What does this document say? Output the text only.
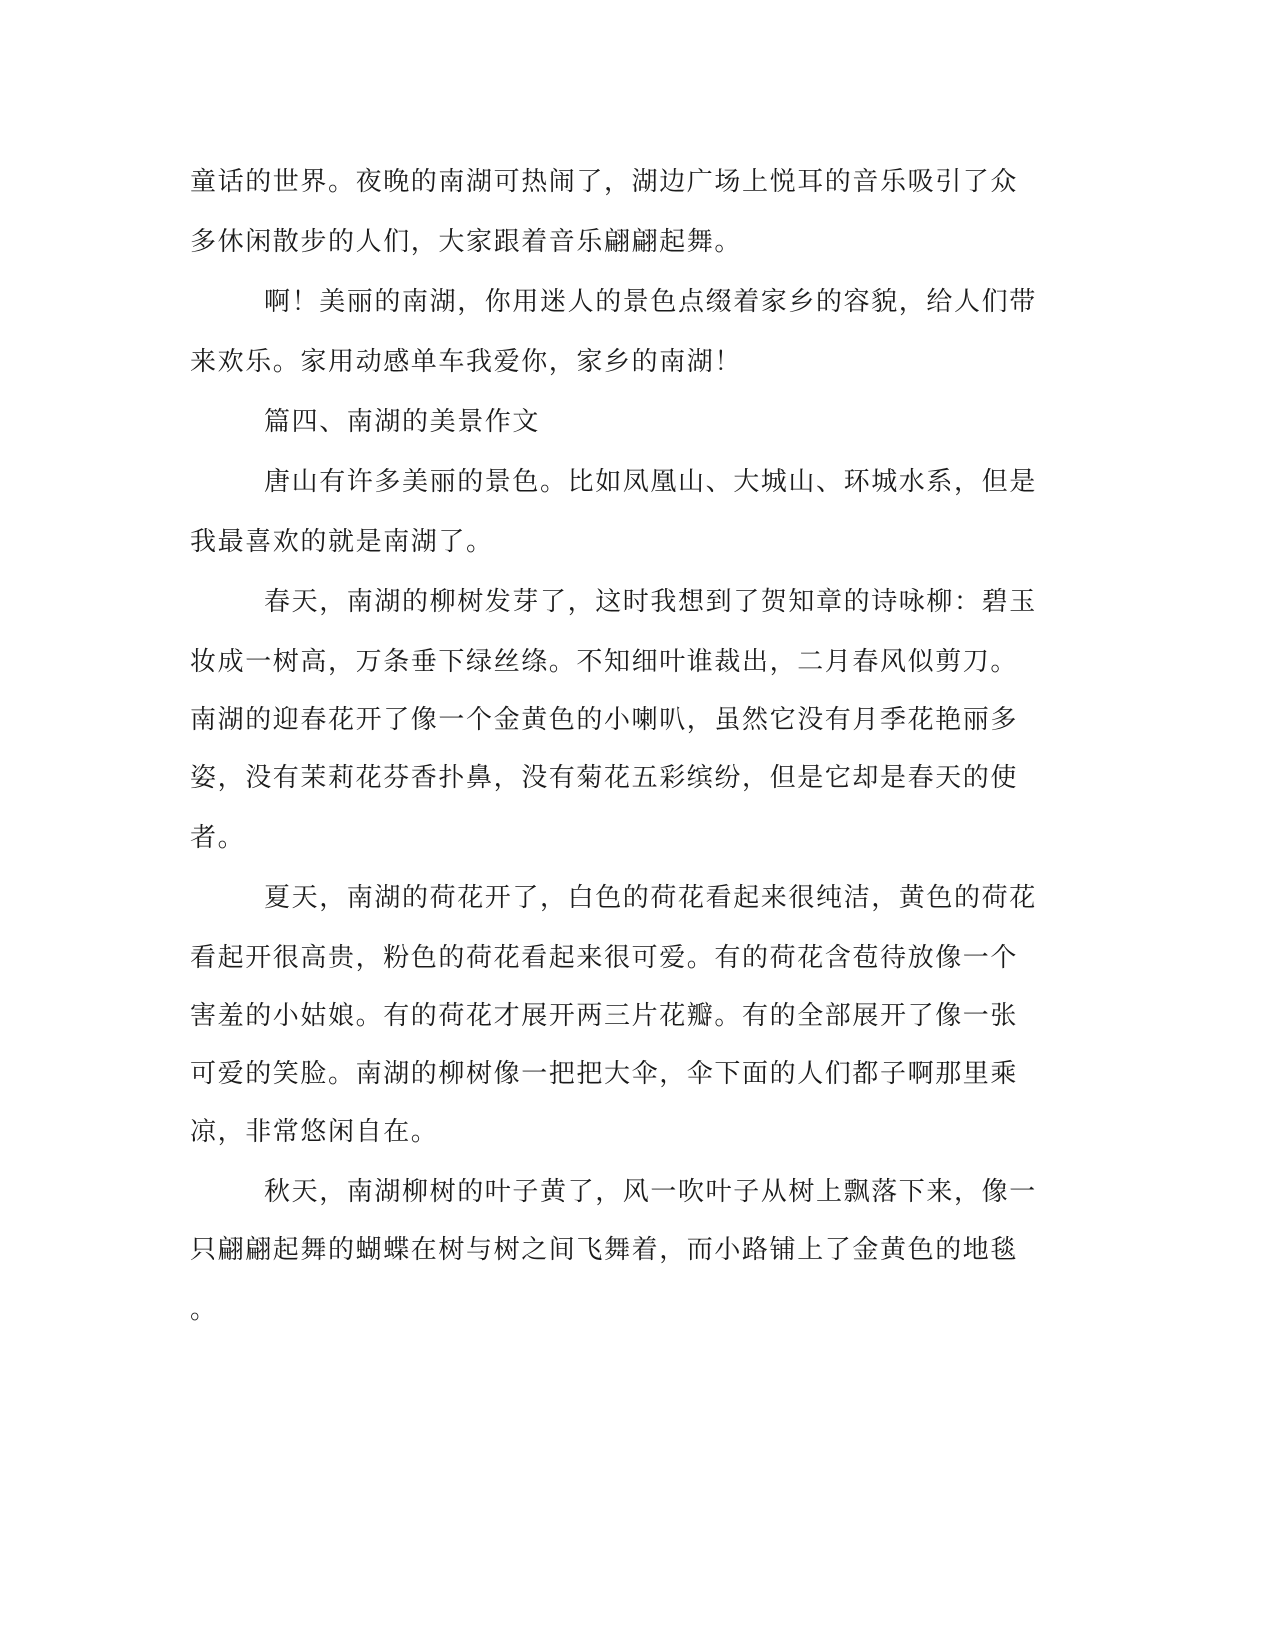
童话的世界。夜晚的南湖可热闹了，湖边广场上悦耳的音乐吸引了众
多休闲散步的人们，大家跟着音乐翩翩起舞。
啊！美丽的南湖，你用迷人的景色点缀着家乡的容貌，给人们带
来欢乐。家用动感单车我爱你，家乡的南湖！
篇四、南湖的美景作文
唐山有许多美丽的景色。比如凤凰山、大城山、环城水系，但是
我最喜欢的就是南湖了。
春天，南湖的柳树发芽了，这时我想到了贺知章的诗咏柳：碧玉
妆成一树高，万条垂下绿丝绦。不知细叶谁裁出，二月春风似剪刀。
南湖的迎春花开了像一个金黄色的小喇叭，虽然它没有月季花艳丽多
姿，没有茉莉花芬香扑鼻，没有菊花五彩缤纷，但是它却是春天的使
者。
夏天，南湖的荷花开了，白色的荷花看起来很纯洁，黄色的荷花
看起开很高贵，粉色的荷花看起来很可爱。有的荷花含苞待放像一个
害羞的小姑娘。有的荷花才展开两三片花瓣。有的全部展开了像一张
可爱的笑脸。南湖的柳树像一把把大伞，伞下面的人们都子啊那里乘
凉，非常悠闲自在。
秋天，南湖柳树的叶子黄了，风一吹叶子从树上飘落下来，像一
只翩翩起舞的蝴蝶在树与树之间飞舞着，而小路铺上了金黄色的地毯
。
